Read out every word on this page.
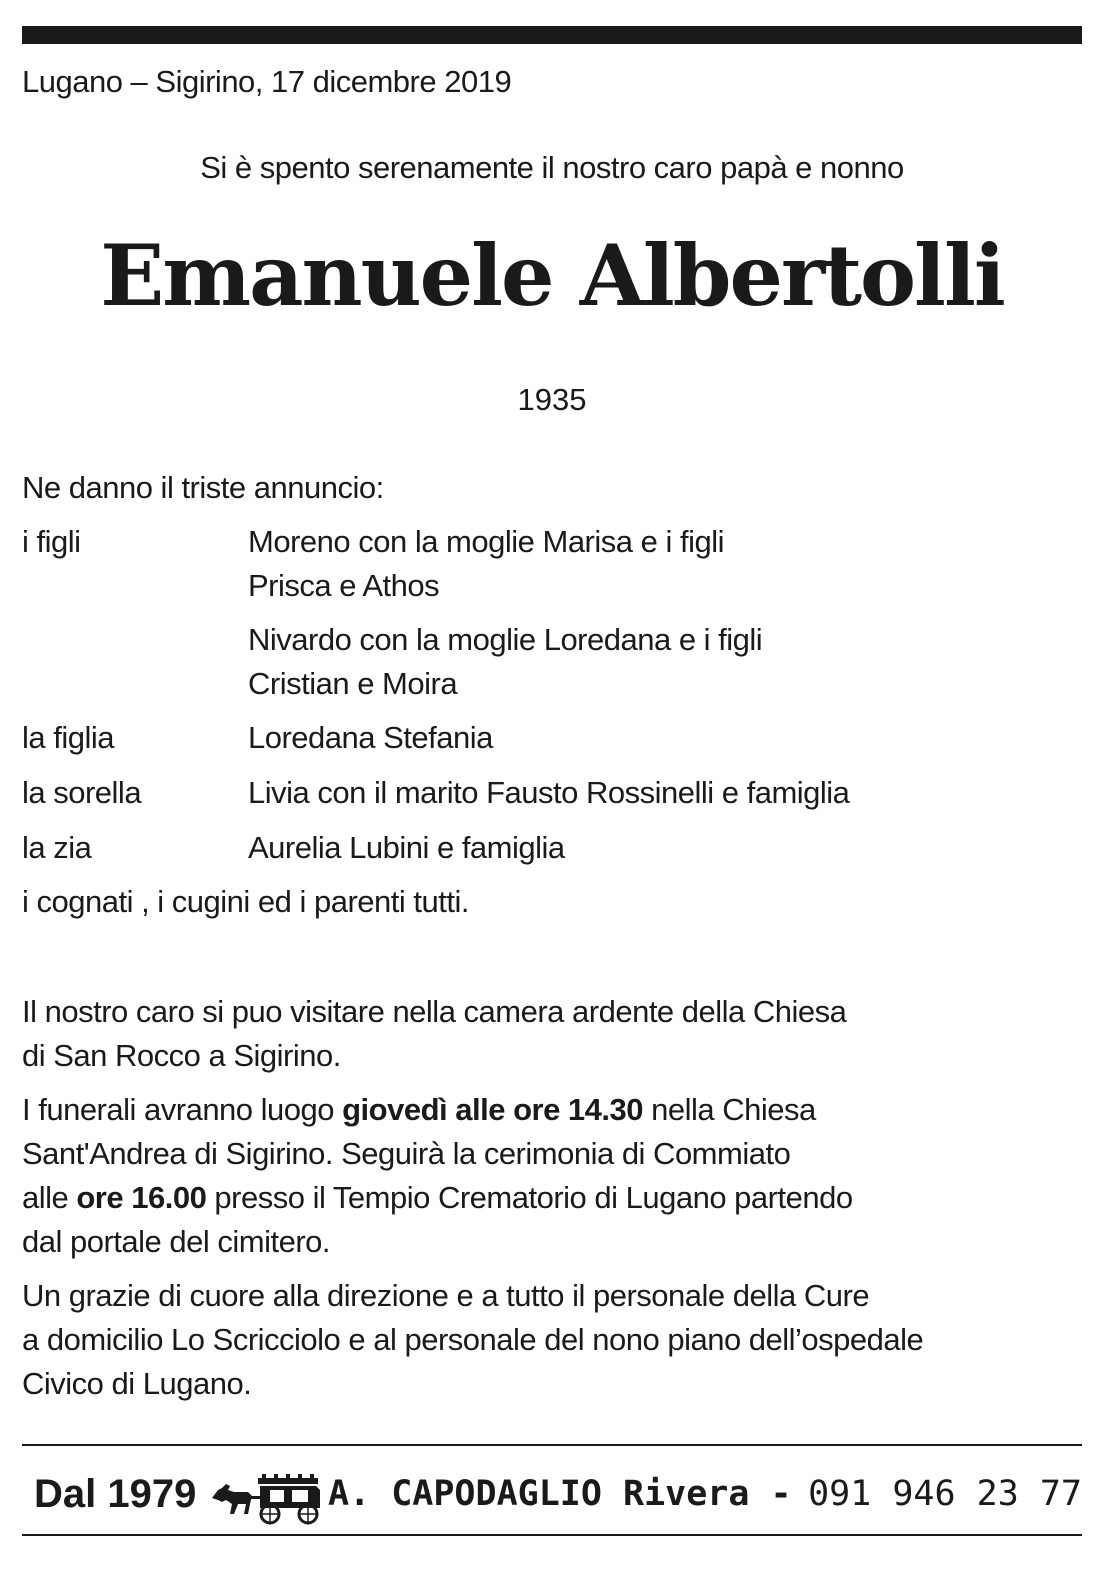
Lugano – Sigirino, 17 dicembre 2019
Si è spento serenamente il nostro caro papà e nonno
Emanuele Albertolli
1935
Ne danno il triste annuncio:
i figli	Moreno con la moglie Marisa e i figli
Prisca e Athos
Nivardo con la moglie Loredana e i figli
Cristian e Moira
la figlia	Loredana Stefania
la sorella	Livia con il marito Fausto Rossinelli e famiglia
la zia	Aurelia Lubini e famiglia
i cognati , i cugini ed i parenti tutti.
Il nostro caro si puo visitare nella camera ardente della Chiesa
di San Rocco a Sigirino.
I funerali avranno luogo giovedì alle ore 14.30 nella Chiesa
Sant'Andrea di Sigirino. Seguirà la cerimonia di Commiato
alle ore 16.00 presso il Tempio Crematorio di Lugano partendo
dal portale del cimitero.
Un grazie di cuore alla direzione e a tutto il personale della Cure
a domicilio Lo Scricciolo e al personale del nono piano dell’ospedale
Civico di Lugano.
Dal 1979	A. CAPODAGLIO Rivera - 091 946 23 77
